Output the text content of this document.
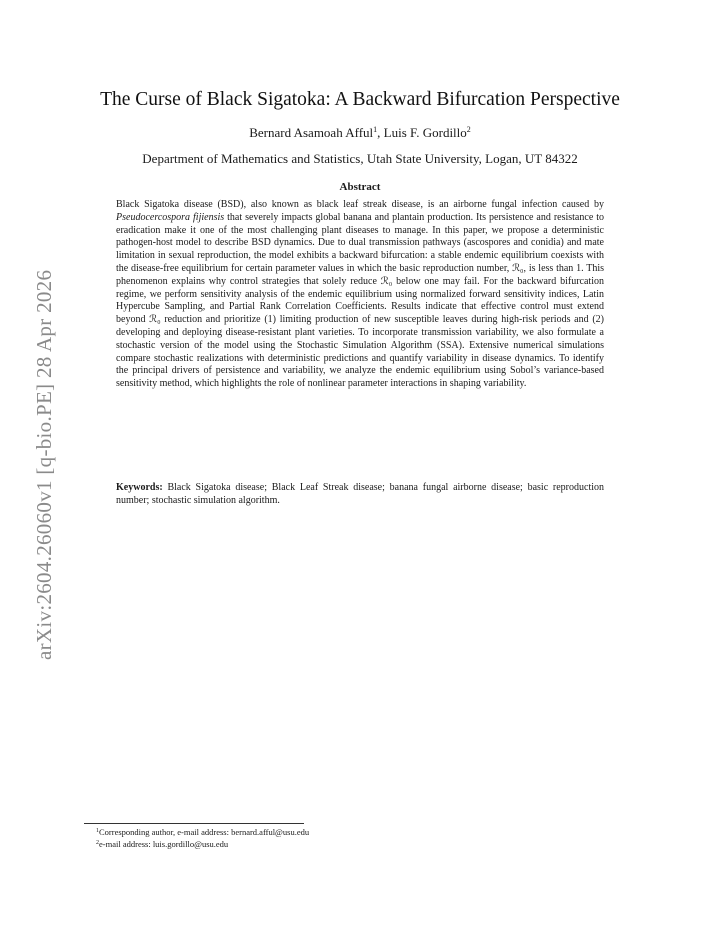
arXiv:2604.26060v1 [q-bio.PE] 28 Apr 2026
The Curse of Black Sigatoka: A Backward Bifurcation Perspective
Bernard Asamoah Afful$^1$, Luis F. Gordillo$^2$
Department of Mathematics and Statistics, Utah State University, Logan, UT 84322
Abstract

Black Sigatoka disease (BSD), also known as black leaf streak disease, is an airborne fungal infection caused by Pseudocercospora fijiensis that severely impacts global banana and plantain production. Its persistence and resistance to eradication make it one of the most challenging plant diseases to manage. In this paper, we propose a deterministic pathogen-host model to describe BSD dynamics. Due to dual transmission pathways (ascospores and conidia) and mate limitation in sexual reproduction, the model exhibits a backward bifurcation: a stable endemic equilibrium coexists with the disease-free equilibrium for certain parameter values in which the basic reproduction number, ℛ₀, is less than 1. This phenomenon explains why control strategies that solely reduce ℛ₀ below one may fail. For the backward bifurcation regime, we perform sensitivity analysis of the endemic equilibrium using normalized forward sensitivity indices, Latin Hypercube Sampling, and Partial Rank Correlation Coefficients. Results indicate that effective control must extend beyond ℛ₀ reduction and prioritize (1) limiting production of new susceptible leaves during high-risk periods and (2) developing and deploying disease-resistant plant varieties. To incorporate transmission variability, we also formulate a stochastic version of the model using the Stochastic Simulation Algorithm (SSA). Extensive numerical simulations compare stochastic realizations with deterministic predictions and quantify variability in disease dynamics. To identify the principal drivers of persistence and variability, we analyze the endemic equilibrium using Sobol’s variance-based sensitivity method, which highlights the role of nonlinear parameter interactions in shaping variability.

Keywords: Black Sigatoka disease; Black Leaf Streak disease; banana fungal airborne disease; basic reproduction number; stochastic simulation algorithm.

$^1$Corresponding author, e-mail address: bernard.afful@usu.edu
$^2$e-mail address: luis.gordillo@usu.edu
